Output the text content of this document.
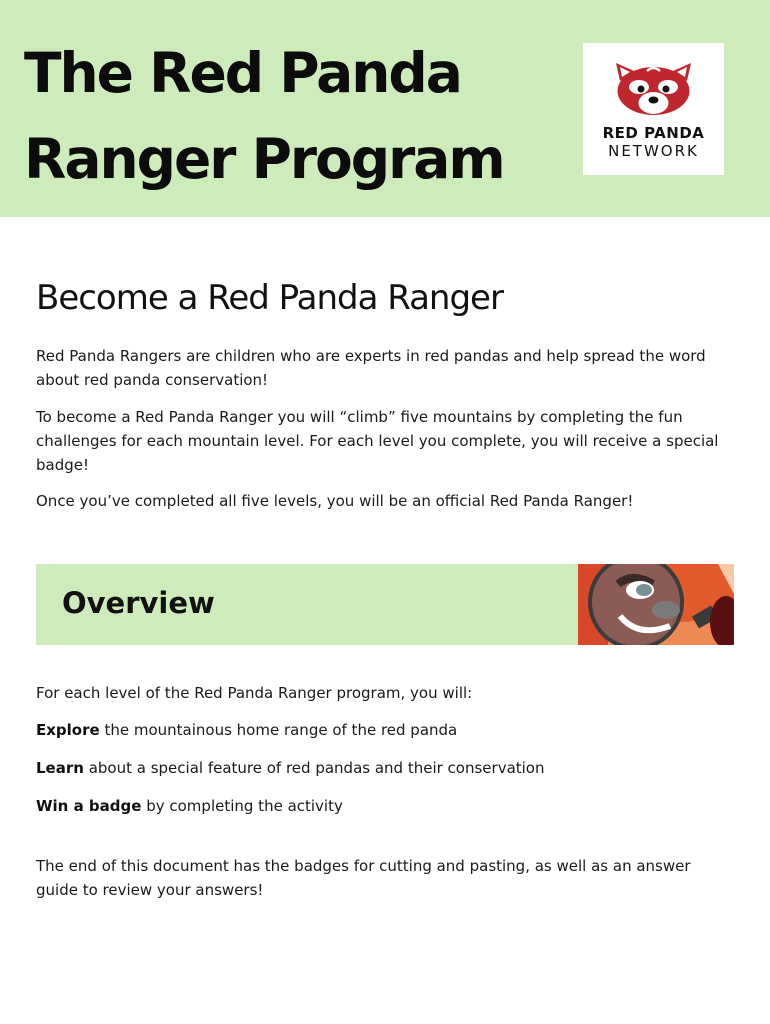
The Red Panda
Ranger Program	RED PANDA
NETWORK
Become a Red Panda Ranger

Red Panda Rangers are children who are experts in red pandas and help spread the word about red panda conservation!

To become a Red Panda Ranger you will “climb” five mountains by completing the fun challenges for each mountain level. For each level you complete, you will receive a special badge!

Once you’ve completed all five levels, you will be an official Red Panda Ranger!

Overview

For each level of the Red Panda Ranger program, you will:

Explore the mountainous home range of the red panda

Learn about a special feature of red pandas and their conservation

Win a badge by completing the activity

The end of this document has the badges for cutting and pasting, as well as an answer guide to review your answers!
